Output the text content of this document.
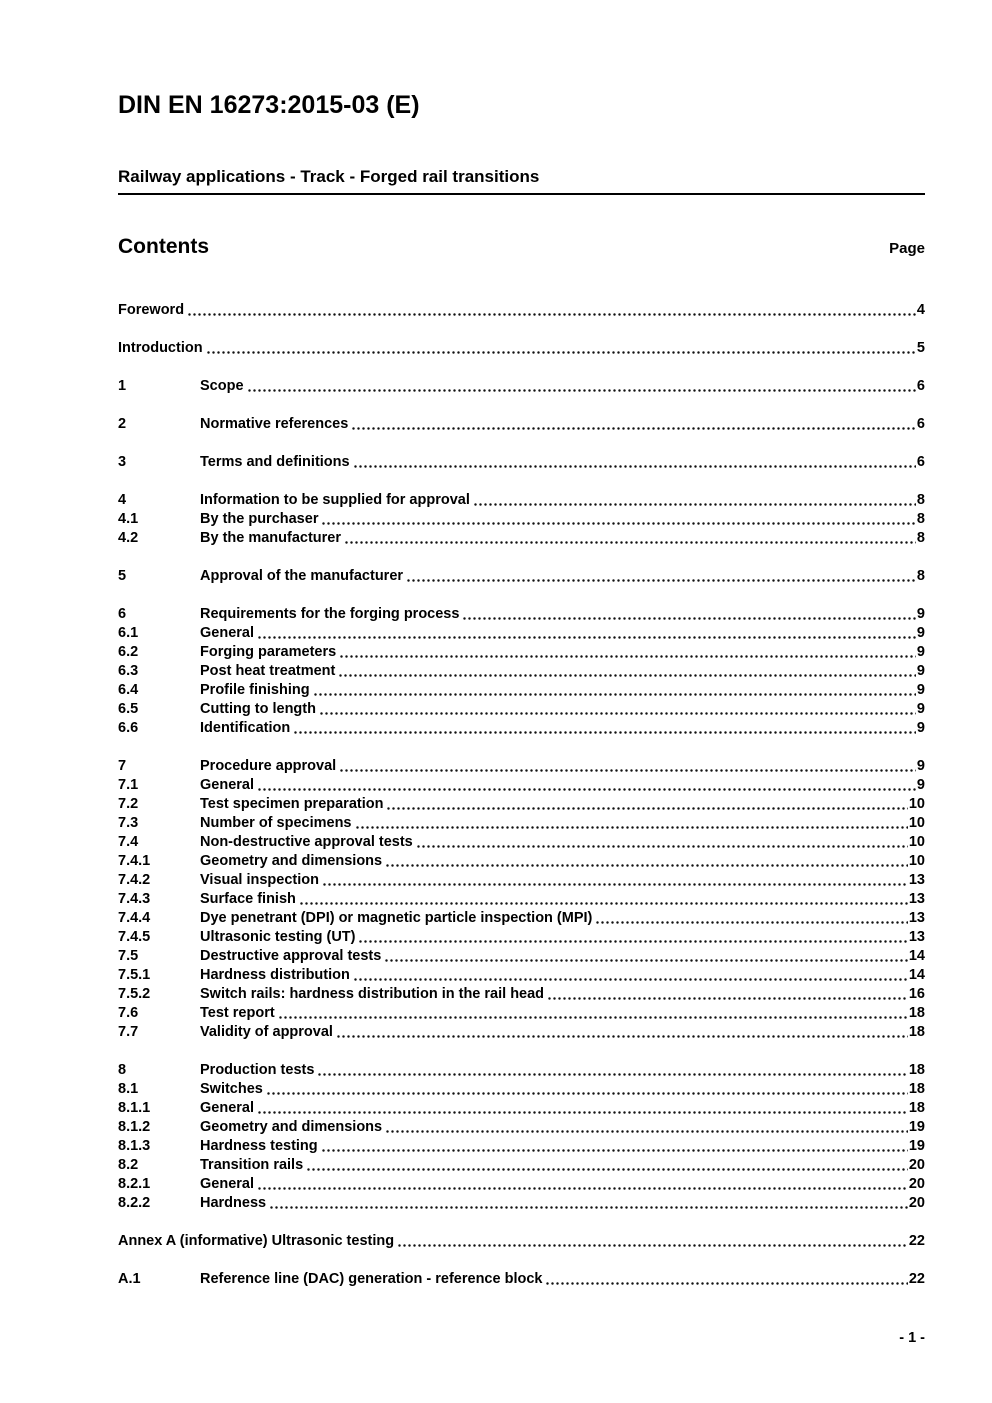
DIN EN 16273:2015-03 (E)
Railway applications - Track - Forged rail transitions
Contents	Page
Foreword	4
Introduction	5
1	Scope	6
2	Normative references	6
3	Terms and definitions	6
4	Information to be supplied for approval	8
4.1	By the purchaser	8
4.2	By the manufacturer	8
5	Approval of the manufacturer	8
6	Requirements for the forging process	9
6.1	General	9
6.2	Forging parameters	9
6.3	Post heat treatment	9
6.4	Profile finishing	9
6.5	Cutting to length	9
6.6	Identification	9
7	Procedure approval	9
7.1	General	9
7.2	Test specimen preparation	10
7.3	Number of specimens	10
7.4	Non-destructive approval tests	10
7.4.1	Geometry and dimensions	10
7.4.2	Visual inspection	13
7.4.3	Surface finish	13
7.4.4	Dye penetrant (DPI) or magnetic particle inspection (MPI)	13
7.4.5	Ultrasonic testing (UT)	13
7.5	Destructive approval tests	14
7.5.1	Hardness distribution	14
7.5.2	Switch rails: hardness distribution in the rail head	16
7.6	Test report	18
7.7	Validity of approval	18
8	Production tests	18
8.1	Switches	18
8.1.1	General	18
8.1.2	Geometry and dimensions	19
8.1.3	Hardness testing	19
8.2	Transition rails	20
8.2.1	General	20
8.2.2	Hardness	20
Annex A (informative) Ultrasonic testing	22
A.1	Reference line (DAC) generation - reference block	22
- 1 -
